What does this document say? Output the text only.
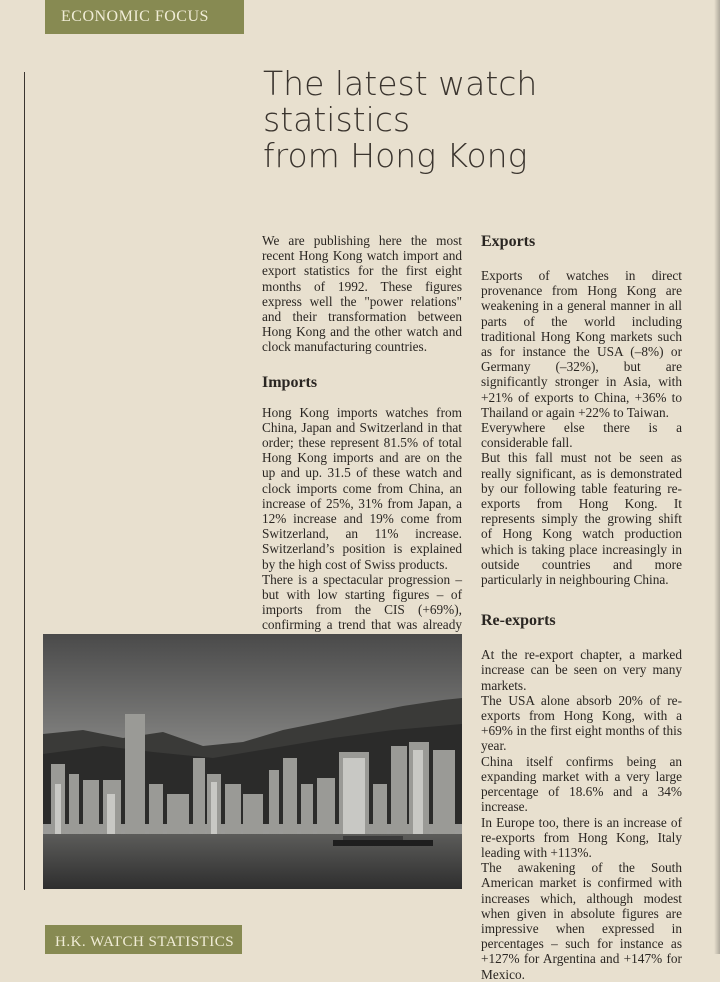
ECONOMIC FOCUS
The latest watch statistics
from Hong Kong

We are publishing here the most recent Hong Kong watch import and export statistics for the first eight months of 1992. These figures express well the "power relations" and their transformation between Hong Kong and the other watch and clock manufacturing countries.

Imports

Hong Kong imports watches from China, Japan and Switzerland in that order; these represent 81.5% of total Hong Kong imports and are on the up and up. 31.5 of these watch and clock imports come from China, an increase of 25%, 31% from Japan, a 12% increase and 19% come from Switzerland, an 11% increase. Switzerland’s position is explained by the high cost of Swiss products.

There is a spectacular progression – but with low starting figures – of imports from the CIS (+69%), confirming a trend that was already

Exports

Exports of watches in direct provenance from Hong Kong are weakening in a general manner in all parts of the world including traditional Hong Kong markets such as for instance the USA (–8%) or Germany (–32%), but are significantly stronger in Asia, with +21% of exports to China, +36% to Thailand or again +22% to Taiwan.

Everywhere else there is a considerable fall.

But this fall must not be seen as really significant, as is demonstrated by our following table featuring re-exports from Hong Kong. It represents simply the growing shift of Hong Kong watch production which is taking place increasingly in outside countries and more particularly in neighbouring China.

Re-exports

At the re-export chapter, a marked increase can be seen on very many markets.

The USA alone absorb 20% of re-exports from Hong Kong, with a +69% in the first eight months of this year.

China itself confirms being an expanding market with a very large percentage of 18.6% and a 34% increase.

In Europe too, there is an increase of re-exports from Hong Kong, Italy leading with +113%.

The awakening of the South American market is confirmed with increases which, although modest when given in absolute figures are impressive when expressed in percentages – such for instance as +127% for Argentina and +147% for Mexico.

H.K. WATCH STATISTICS
